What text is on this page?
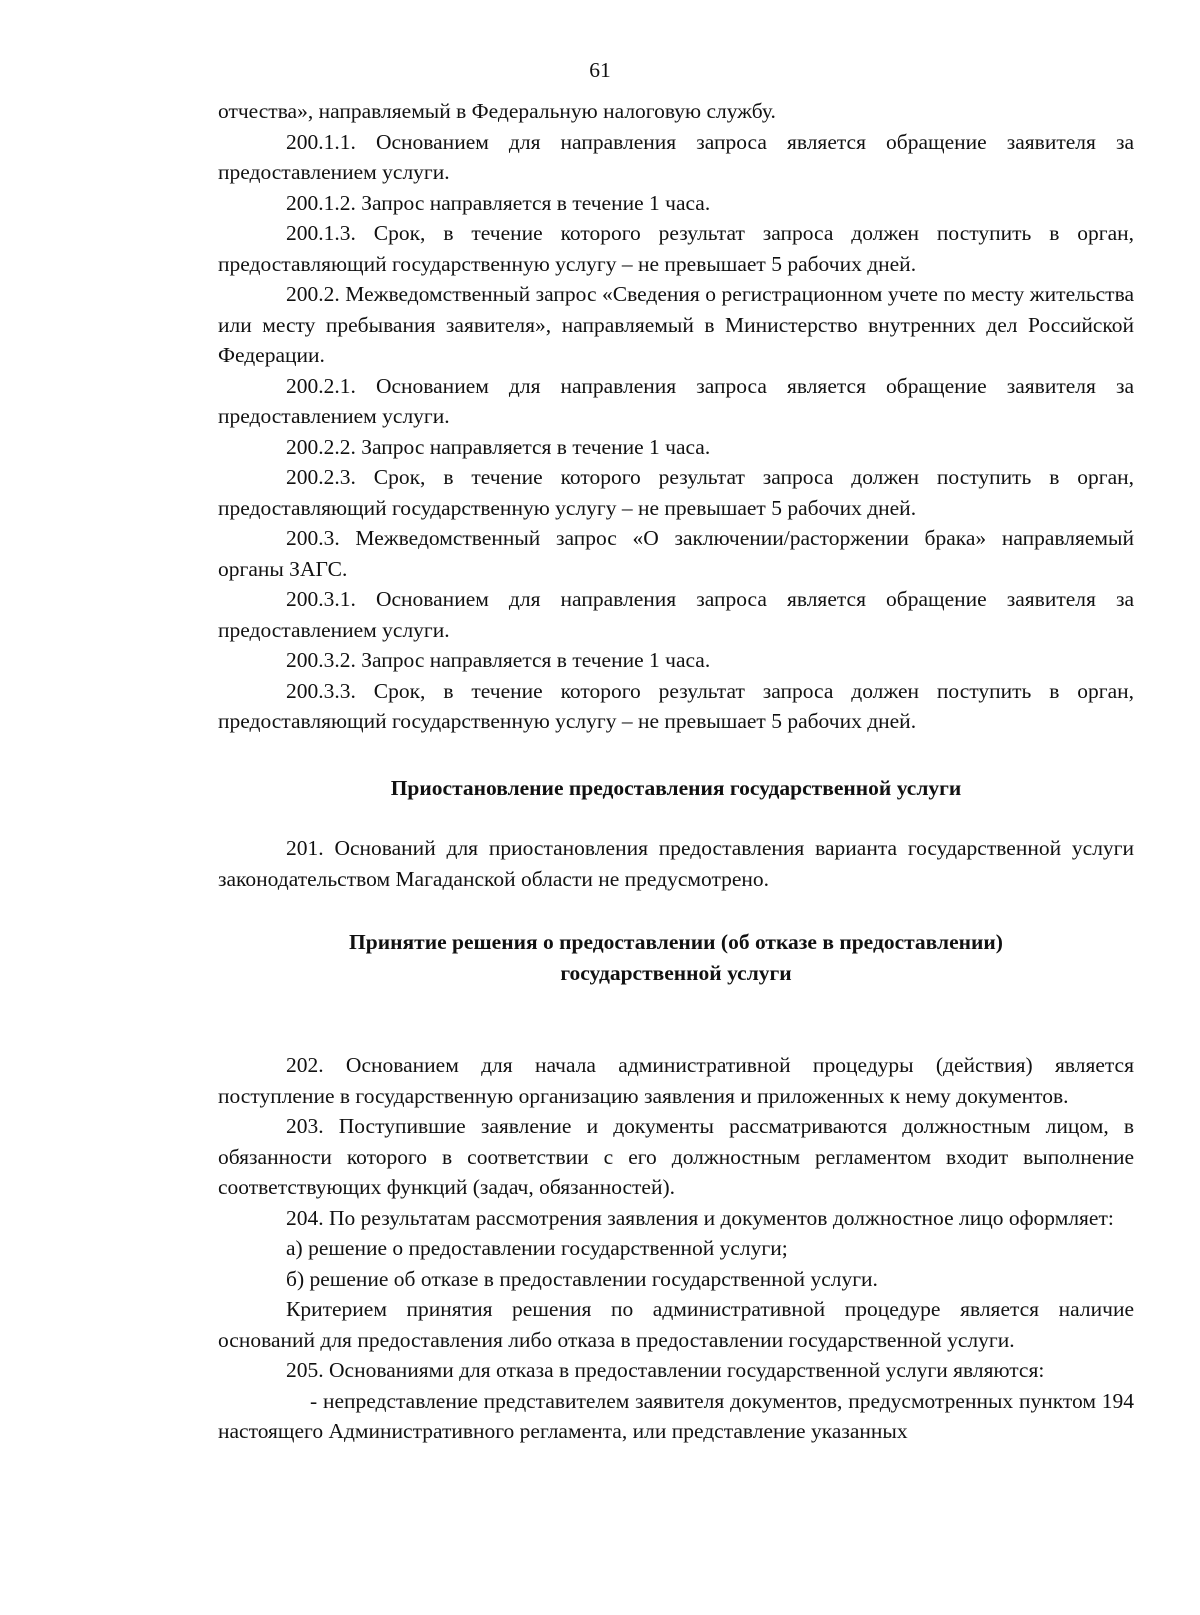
61

отчества», направляемый в Федеральную налоговую службу.

200.1.1. Основанием для направления запроса является обращение заявителя за предоставлением услуги.

200.1.2. Запрос направляется в течение 1 часа.

200.1.3. Срок, в течение которого результат запроса должен поступить в орган, предоставляющий государственную услугу – не превышает 5 рабочих дней.

200.2. Межведомственный запрос «Сведения о регистрационном учете по месту жительства или месту пребывания заявителя», направляемый в Министерство внутренних дел Российской Федерации.

200.2.1. Основанием для направления запроса является обращение заявителя за предоставлением услуги.

200.2.2. Запрос направляется в течение 1 часа.

200.2.3. Срок, в течение которого результат запроса должен поступить в орган, предоставляющий государственную услугу – не превышает 5 рабочих дней.

200.3. Межведомственный запрос «О заключении/расторжении брака» направляемый органы ЗАГС.

200.3.1. Основанием для направления запроса является обращение заявителя за предоставлением услуги.

200.3.2. Запрос направляется в течение 1 часа.

200.3.3. Срок, в течение которого результат запроса должен поступить в орган, предоставляющий государственную услугу – не превышает 5 рабочих дней.

Приостановление предоставления государственной услуги

201. Оснований для приостановления предоставления варианта государственной услуги законодательством Магаданской области не предусмотрено.

Принятие решения о предоставлении (об отказе в предоставлении)
государственной услуги

202. Основанием для начала административной процедуры (действия) является поступление в государственную организацию заявления и приложенных к нему документов.

203. Поступившие заявление и документы рассматриваются должностным лицом, в обязанности которого в соответствии с его должностным регламентом входит выполнение соответствующих функций (задач, обязанностей).

204. По результатам рассмотрения заявления и документов должностное лицо оформляет:

а) решение о предоставлении государственной услуги;

б) решение об отказе в предоставлении государственной услуги.

Критерием принятия решения по административной процедуре является наличие оснований для предоставления либо отказа в предоставлении государственной услуги.

205. Основаниями для отказа в предоставлении государственной услуги являются:

- непредставление представителем заявителя документов, предусмотренных пунктом 194 настоящего Административного регламента, или представление указанных
